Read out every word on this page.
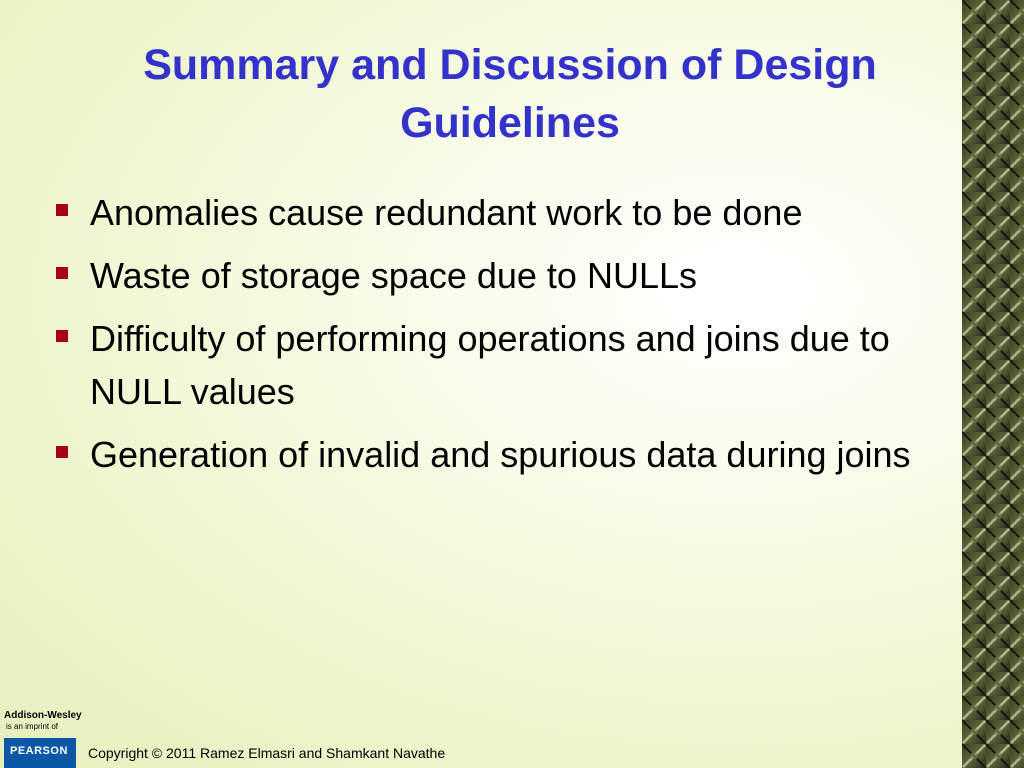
Summary and Discussion of Design Guidelines
Anomalies cause redundant work to be done
Waste of storage space due to NULLs
Difficulty of performing operations and joins due to NULL values
Generation of invalid and spurious data during joins
Addison-Wesley
is an imprint of
PEARSON Copyright © 2011 Ramez Elmasri and Shamkant Navathe
